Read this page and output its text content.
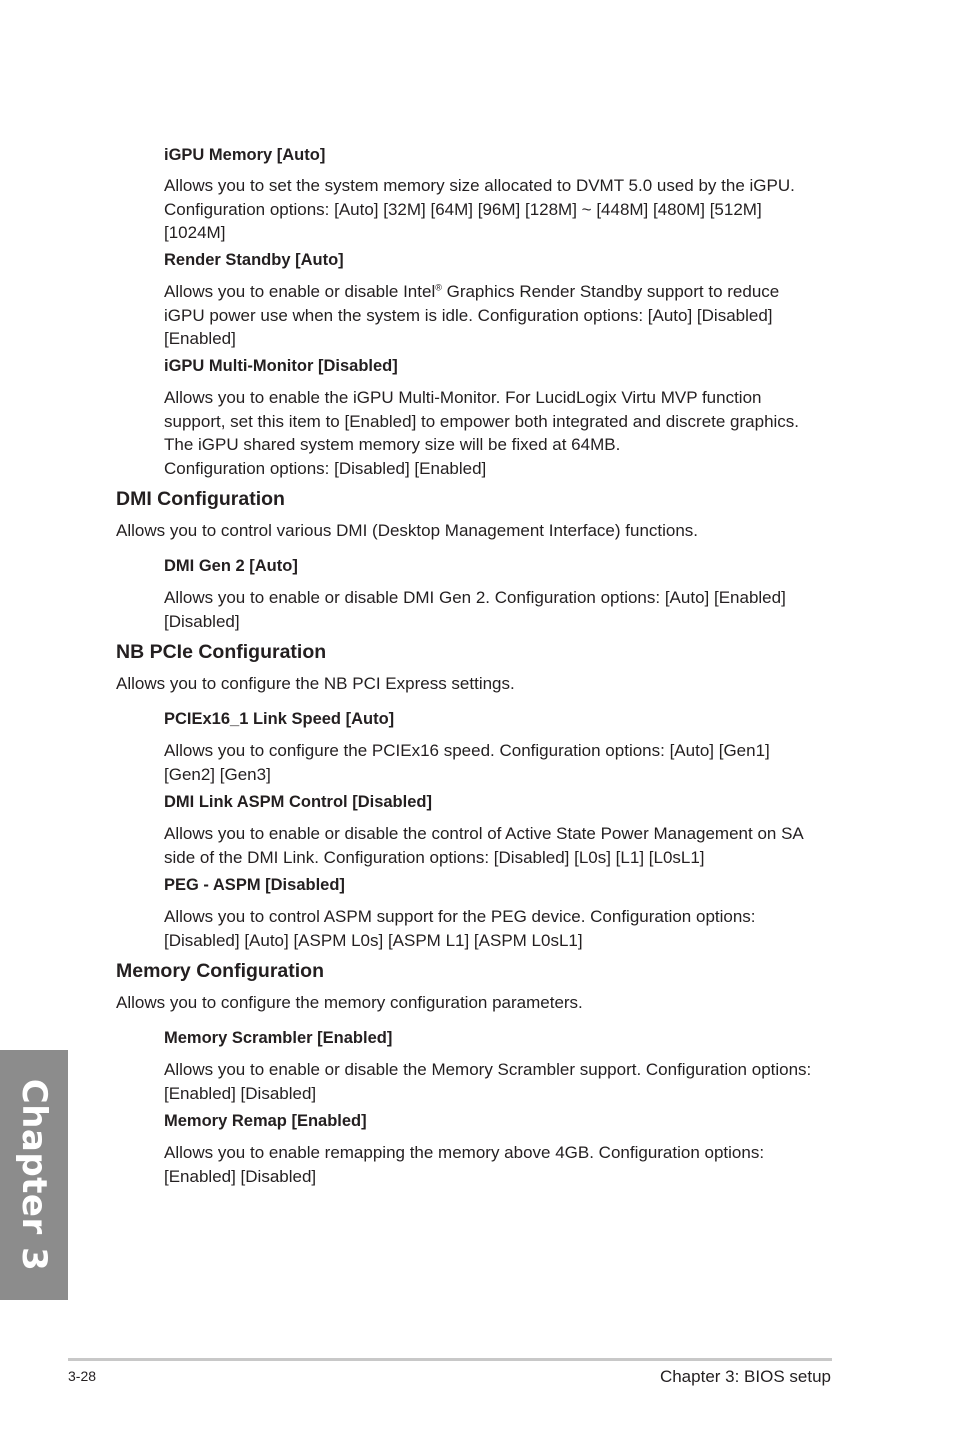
iGPU Memory [Auto]

Allows you to set the system memory size allocated to DVMT 5.0 used by the iGPU.
Configuration options: [Auto] [32M] [64M] [96M] [128M] ~ [448M] [480M] [512M]
[1024M]

Render Standby [Auto]

Allows you to enable or disable Intel® Graphics Render Standby support to reduce
iGPU power use when the system is idle. Configuration options: [Auto] [Disabled]
[Enabled]

iGPU Multi-Monitor [Disabled]

Allows you to enable the iGPU Multi-Monitor. For LucidLogix Virtu MVP function
support, set this item to [Enabled] to empower both integrated and discrete graphics.
The iGPU shared system memory size will be fixed at 64MB.
Configuration options: [Disabled] [Enabled]

DMI Configuration

Allows you to control various DMI (Desktop Management Interface) functions.

DMI Gen 2 [Auto]

Allows you to enable or disable DMI Gen 2. Configuration options: [Auto] [Enabled]
[Disabled]

NB PCIe Configuration

Allows you to configure the NB PCI Express settings.

PCIEx16_1 Link Speed [Auto]

Allows you to configure the PCIEx16 speed. Configuration options: [Auto] [Gen1]
[Gen2] [Gen3]

DMI Link ASPM Control [Disabled]

Allows you to enable or disable the control of Active State Power Management on SA
side of the DMI Link. Configuration options: [Disabled] [L0s] [L1] [L0sL1]

PEG - ASPM [Disabled]

Allows you to control ASPM support for the PEG device. Configuration options:
[Disabled] [Auto] [ASPM L0s] [ASPM L1] [ASPM L0sL1]

Memory Configuration

Allows you to configure the memory configuration parameters.

Memory Scrambler [Enabled]

Allows you to enable or disable the Memory Scrambler support. Configuration options:
[Enabled] [Disabled]

Memory Remap [Enabled]

Allows you to enable remapping the memory above 4GB. Configuration options:
[Enabled] [Disabled]

Chapter 3
3-28	Chapter 3: BIOS setup
